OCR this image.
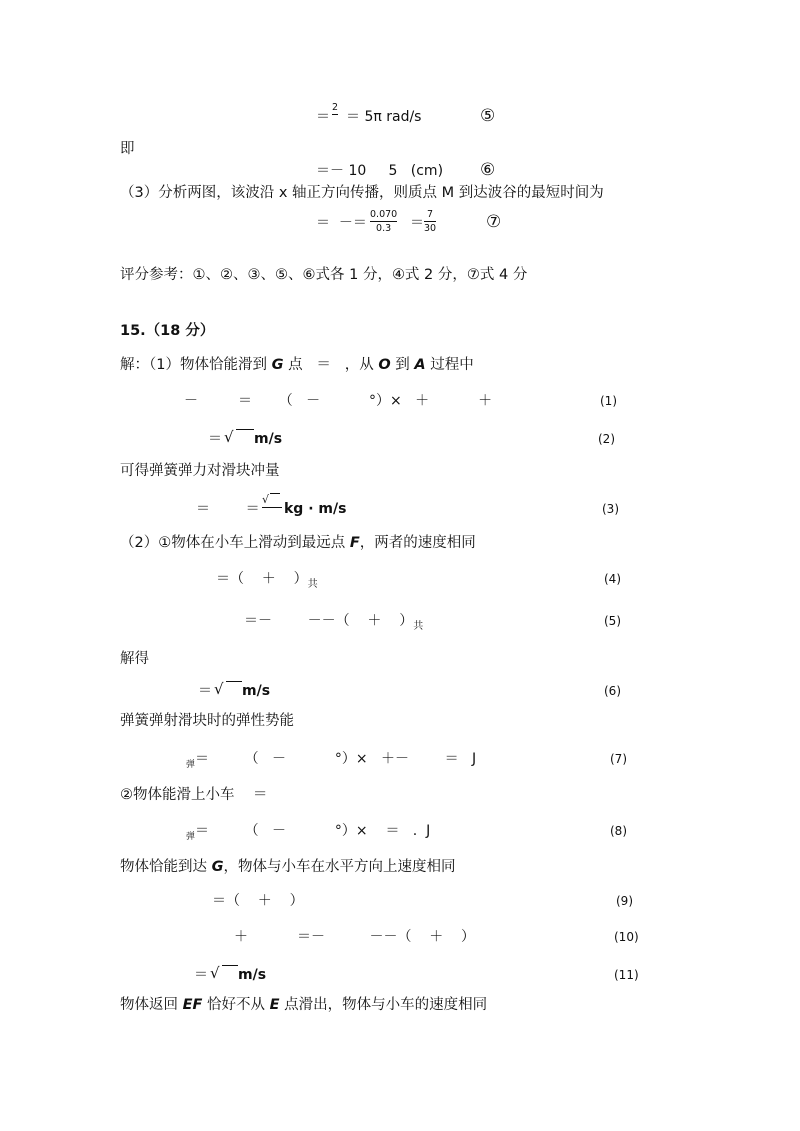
＝
2

＝ 5π rad/s	⑤
即
＝－ 10     5   (cm) ⑥
（3）分析两图，该波沿 x 轴正方向传播，则质点 M 到达波谷的最短时间为
＝  －＝
0.070
0.3 ＝
7
30	⑦
评分参考：①、②、③、⑤、⑥式各 1 分，④式 2 分，⑦式 4 分
15.（18 分）
解：（1）物体恰能滑到 G 点   ＝   ，从 O 到 A 过程中
－         ＝      （   －           °）×   ＋           ＋	(1)
＝ √ m/s	(2)
可得弹簧弹力对滑块冲量
＝        ＝
√
kg · m/s	(3)
（2）①物体在小车上滑动到最远点 F，两者的速度相同
＝（    ＋    ）$_共$	(4)
＝－        －－（    ＋    ）$_共$	(5)
解得
＝ √ m/s	(6)
弹簧弹射滑块时的弹性势能
$_弹$＝        （   －           °）×   ＋－        ＝   J	(7)
②物体能滑上小车    ＝
$_弹$＝        （   －           °）×    ＝   .  J	(8)
物体恰能到达 G，物体与小车在水平方向上速度相同
＝（    ＋    ）	(9)
＋           ＝－          －－（    ＋    ）	(10)
＝ √ m/s	(11)
物体返回 EF 恰好不从 E 点滑出，物体与小车的速度相同
